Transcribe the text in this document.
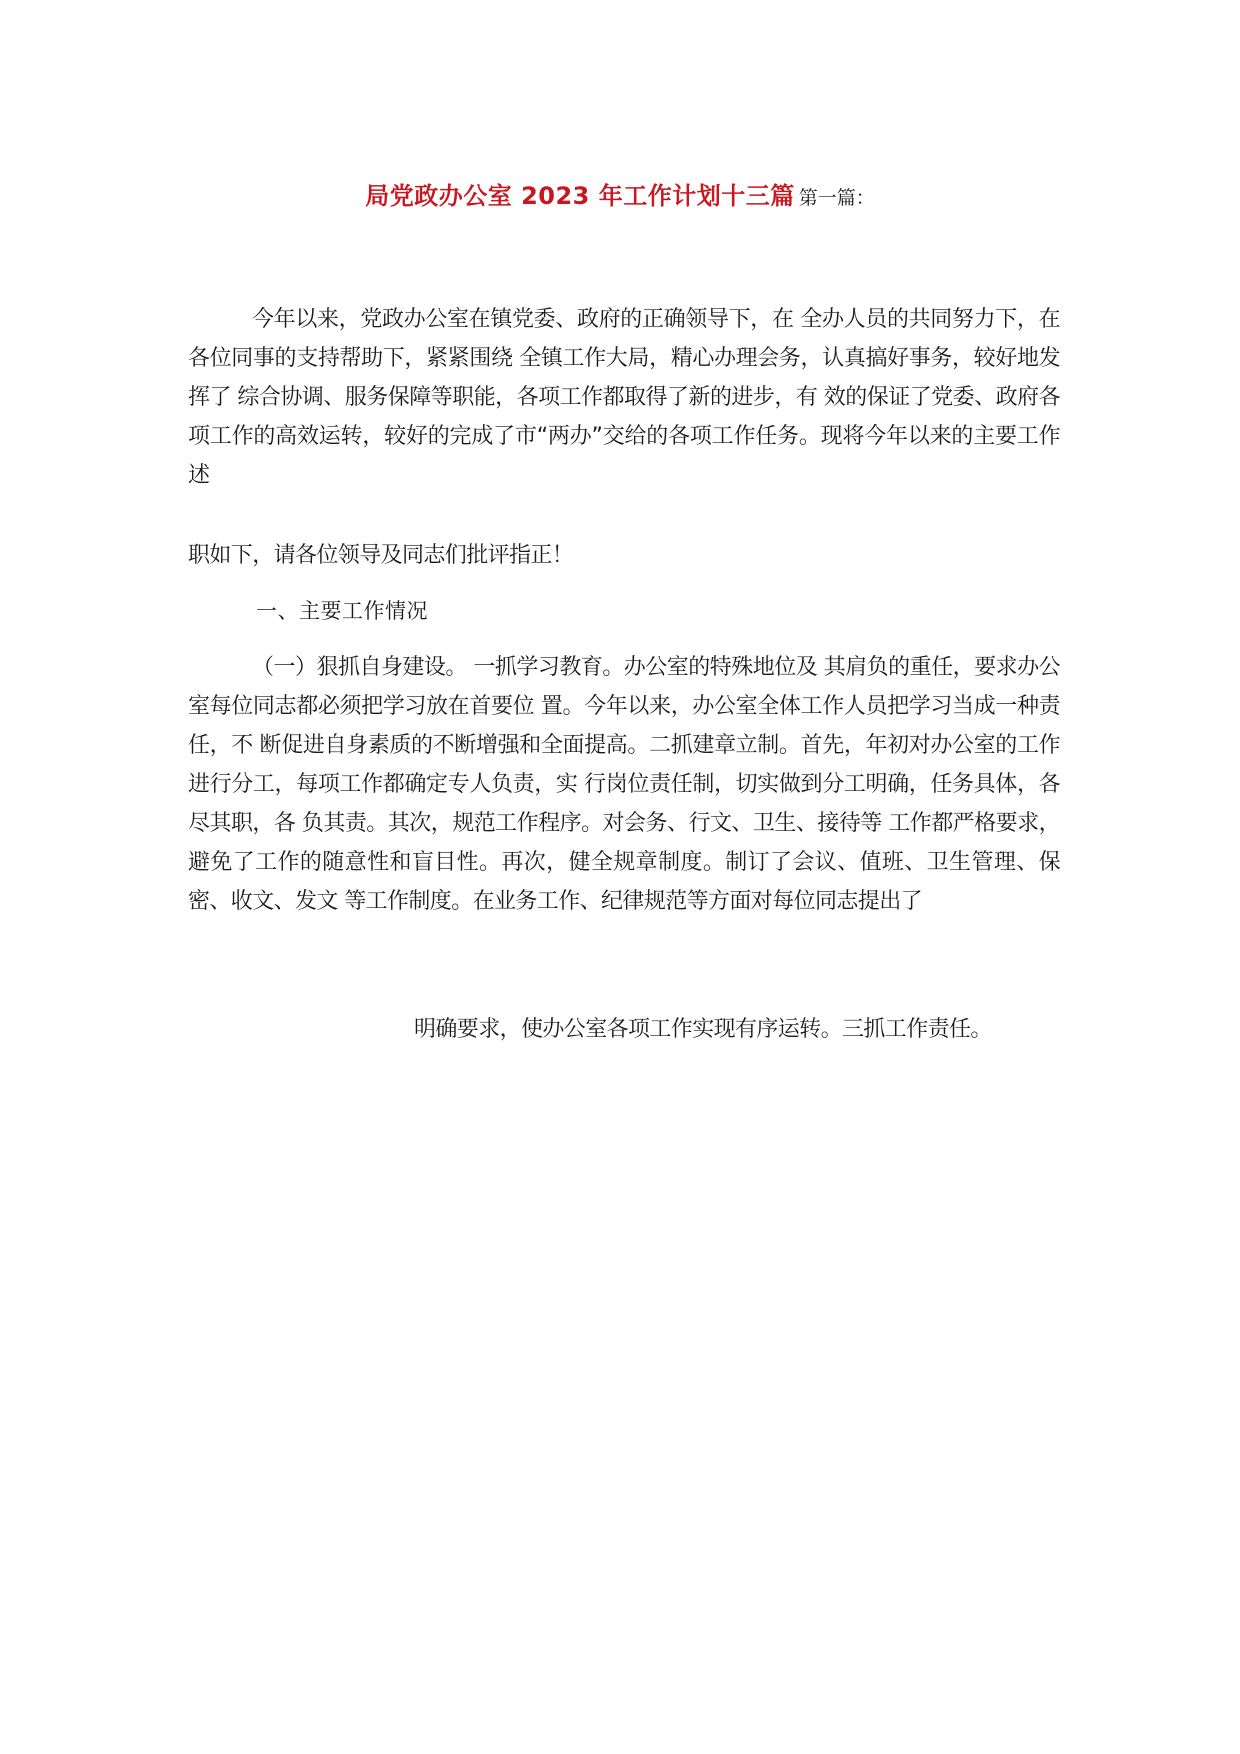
局党政办公室 2023 年工作计划十三篇 第一篇：
今年以来，党政办公室在镇党委、政府的正确领导下，在 全办人员的共同努力下，在各位同事的支持帮助下，紧紧围绕 全镇工作大局，精心办理会务，认真搞好事务，较好地发挥了 综合协调、服务保障等职能，各项工作都取得了新的进步，有 效的保证了党委、政府各项工作的高效运转，较好的完成了市“两办”交给的各项工作任务。现将今年以来的主要工作述
职如下，请各位领导及同志们批评指正！
一、主要工作情况
（一）狠抓自身建设。 一抓学习教育。办公室的特殊地位及 其肩负的重任，要求办公室每位同志都必须把学习放在首要位 置。今年以来，办公室全体工作人员把学习当成一种责任，不 断促进自身素质的不断增强和全面提高。二抓建章立制。首先，年初对办公室的工作进行分工，每项工作都确定专人负责，实 行岗位责任制，切实做到分工明确，任务具体，各尽其职，各 负其责。其次，规范工作程序。对会务、行文、卫生、接待等 工作都严格要求，避免了工作的随意性和盲目性。再次，健全规章制度。制订了会议、值班、卫生管理、保密、收文、发文 等工作制度。在业务工作、纪律规范等方面对每位同志提出了
明确要求，使办公室各项工作实现有序运转。三抓工作责任。
